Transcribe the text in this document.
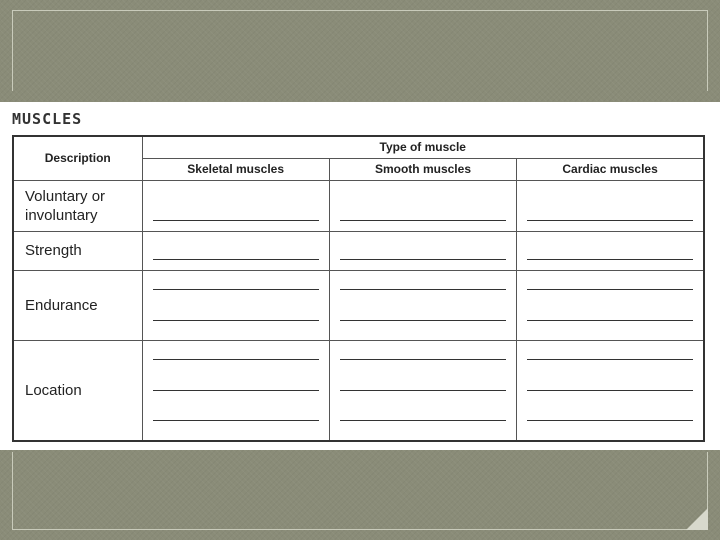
MUSCLES
Description	Type of muscle		
	Skeletal muscles	Smooth muscles	Cardiac muscles
Voluntary or involuntary	

Strength	

Endurance	

Location	
